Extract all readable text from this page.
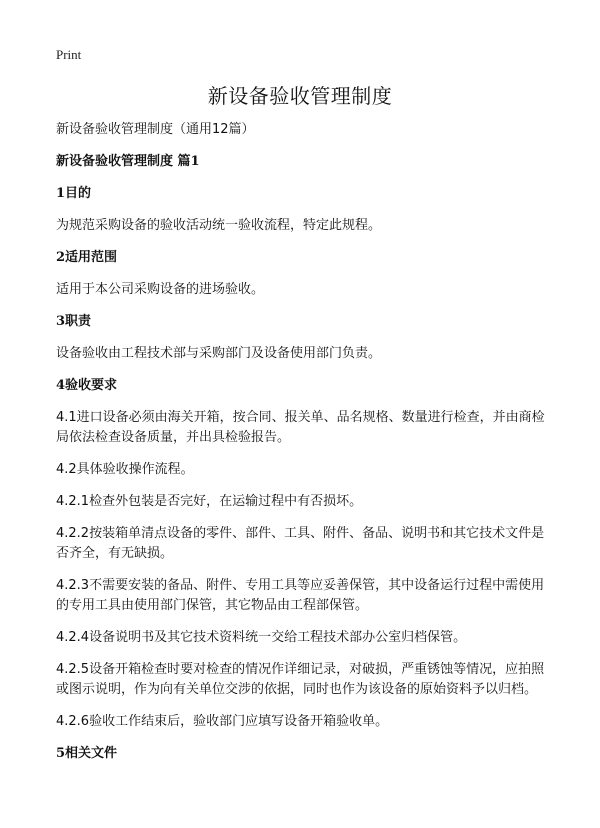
Print
新设备验收管理制度

新设备验收管理制度（通用12篇）

新设备验收管理制度 篇1

1目的

为规范采购设备的验收活动统一验收流程，特定此规程。

2适用范围

适用于本公司采购设备的进场验收。

3职责

设备验收由工程技术部与采购部门及设备使用部门负责。

4验收要求

4.1进口设备必须由海关开箱，按合同、报关单、品名规格、数量进行检查，并由商检局依法检查设备质量，并出具检验报告。

4.2具体验收操作流程。

4.2.1检查外包装是否完好，在运输过程中有否损坏。

4.2.2按装箱单清点设备的零件、部件、工具、附件、备品、说明书和其它技术文件是否齐全，有无缺损。

4.2.3不需要安装的备品、附件、专用工具等应妥善保管，其中设备运行过程中需使用的专用工具由使用部门保管，其它物品由工程部保管。

4.2.4设备说明书及其它技术资料统一交给工程技术部办公室归档保管。

4.2.5设备开箱检查时要对检查的情况作详细记录，对破损，严重锈蚀等情况，应拍照或图示说明，作为向有关单位交涉的依据，同时也作为该设备的原始资料予以归档。

4.2.6验收工作结束后，验收部门应填写设备开箱验收单。

5相关文件
